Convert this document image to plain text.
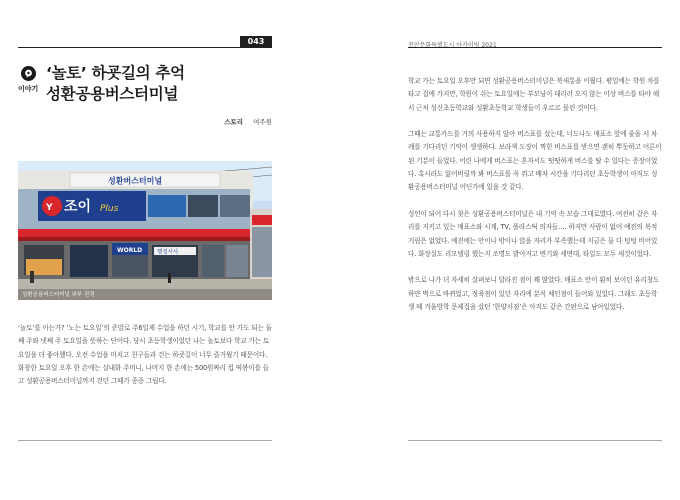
043
이야기
‘놀토’ 하굣길의 추억
성환공용버스터미널
스토리 여주원
성환버스터미널
Y 조이 Plus
WORLD	행정서사
성환공용버스터미널 외부 전경
‘놀토’를 아는가? ‘노는 토요일’의 준말로 주6일제 수업을 하던 시기, 학교를 안 가도 되는 둘째 주와 넷째 주 토요일을 뜻하는 단어다. 당시 초등학생이었던 나는 놀토보다 학교 가는 토요일을 더 좋아했다. 오전 수업을 마치고 친구들과 걷는 하굣길이 너무 즐거웠기 때문이다. 화창한 토요일 오후 한 손에는 실내화 주머니, 나머지 한 손에는 500원짜리 컵 떡볶이를 들고 성환공용버스터미널까지 걷던 그때가 종종 그립다.
천안문화특별도시 아카이빙 2021

학교 가는 토요일 오후만 되면 성환공용버스터미널은 북새통을 이뤘다. 평일에는 학원 차를 타고 집에 가지만, 학원이 쉬는 토요일에는 부모님이 데리러 오지 않는 이상 버스를 타야 해서 근처 성신초등학교와 성환초등학교 학생들이 우르르 몰린 것이다.

그때는 교통카드를 거의 사용하지 않아 버스표를 샀는데, 너도나도 매표소 앞에 줄을 서 차례를 기다리던 기억이 생생하다. 보라색 도장이 찍힌 버스표를 받으면 괜히 뿌듯하고 어른이 된 기분이 들었다. 어린 나에게 버스표는 혼자서도 떳떳하게 버스를 탈 수 있다는 증장이었다. 혹시라도 잃어버릴까 봐 버스표를 꼭 쥐고 배차 시간을 기다리던 초등학생이 아직도 성환공용버스터미널 어딘가에 있을 것 같다.

성인이 되어 다시 찾은 성환공용버스터미널은 내 기억 속 모습 그대로였다. 여전히 같은 자리를 지키고 있는 매표소와 시계, TV, 플라스틱 의자들…. 하지만 사람이 없어 예전의 북적거림은 없었다. 예전에는 안이나 밖이나 앉을 자리가 부족했는데 지금은 둘 다 텅텅 비어있다. 화장실도 리모델링 했는지 조명도 밝아지고 변기와 세면대, 타일도 모두 새것이었다.

밖으로 나가 더 자세히 살펴보니 달라진 점이 꽤 많았다. 매표소 안이 훤히 보이던 유리창도 하얀 벽으로 바뀌었고, 정육점이 있던 자리에 분식 체인점이 들어와 있었다. 그래도 초등학생 때 겨울방학 문제집을 샀던 ‘한양서점’은 아직도 같은 간판으로 남아있었다.
